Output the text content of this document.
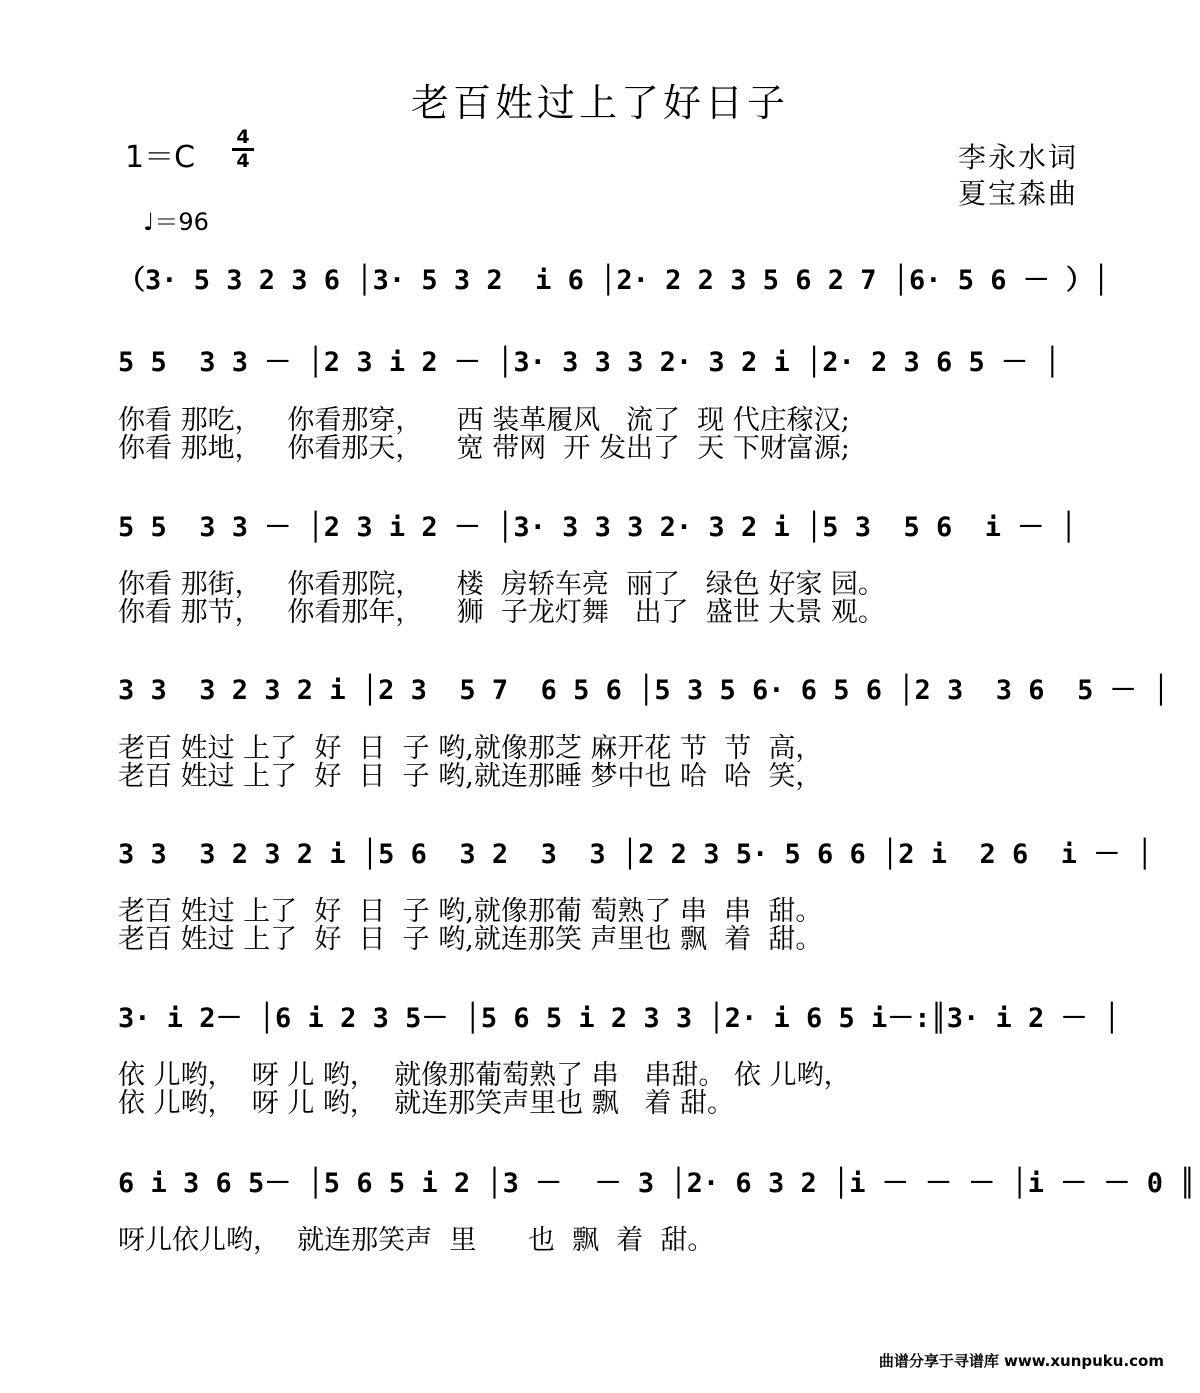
老百姓过上了好日子
1＝C
4
4
♩＝96
李永水词
夏宝森曲
（3· 5 3 2 3 6 │3· 5 3 2  i 6 │2· 2 2 3 5 6 2 7 │6· 5 6 － ）│
5 5  3 3 － │2 3 i 2 － │3· 3 3 3 2· 3 2 i │2· 2 3 6 5 － │
你看 那吃，   你看那穿，    西 装革履风   流了  现 代庄稼汉;
你看 那地，   你看那天，    宽 带网  开 发出了  天 下财富源;
5 5  3 3 － │2 3 i 2 － │3· 3 3 3 2· 3 2 i │5 3  5 6  i － │
你看 那街，   你看那院，    楼  房轿车亮  丽了   绿色 好家 园。
你看 那节，   你看那年，    狮  子龙灯舞   出了  盛世 大景 观。
3 3  3 2 3 2 i │2 3  5 7  6 5 6 │5 3 5 6· 6 5 6 │2 3  3 6  5 － │
老百 姓过 上了  好  日  子 哟,就像那芝 麻开花 节  节  高，
老百 姓过 上了  好  日  子 哟,就连那睡 梦中也 哈  哈  笑，
3 3  3 2 3 2 i │5 6  3 2  3  3 │2 2 3 5· 5 6 6 │2 i  2 6  i － │
老百 姓过 上了  好  日  子 哟,就像那葡 萄熟了 串  串  甜。
老百 姓过 上了  好  日  子 哟,就连那笑 声里也 飘  着  甜。
3· i 2－ │6 i 2 3 5－ │5 6 5 i 2 3 3 │2· i 6 5 i－:║3· i 2 － │
依 儿哟，  呀 儿 哟，  就像那葡萄熟了 串   串甜。 依 儿哟，
依 儿哟，  呀 儿 哟，  就连那笑声里也 飘   着 甜。
6 i 3 6 5－ │5 6 5 i 2 │3 －  － 3 │2· 6 3 2 │i － － － │i － － 0 ║
呀儿依儿哟，  就连那笑声  里      也  飘  着  甜。
曲谱分享于寻谱库 www.xunpuku.com
